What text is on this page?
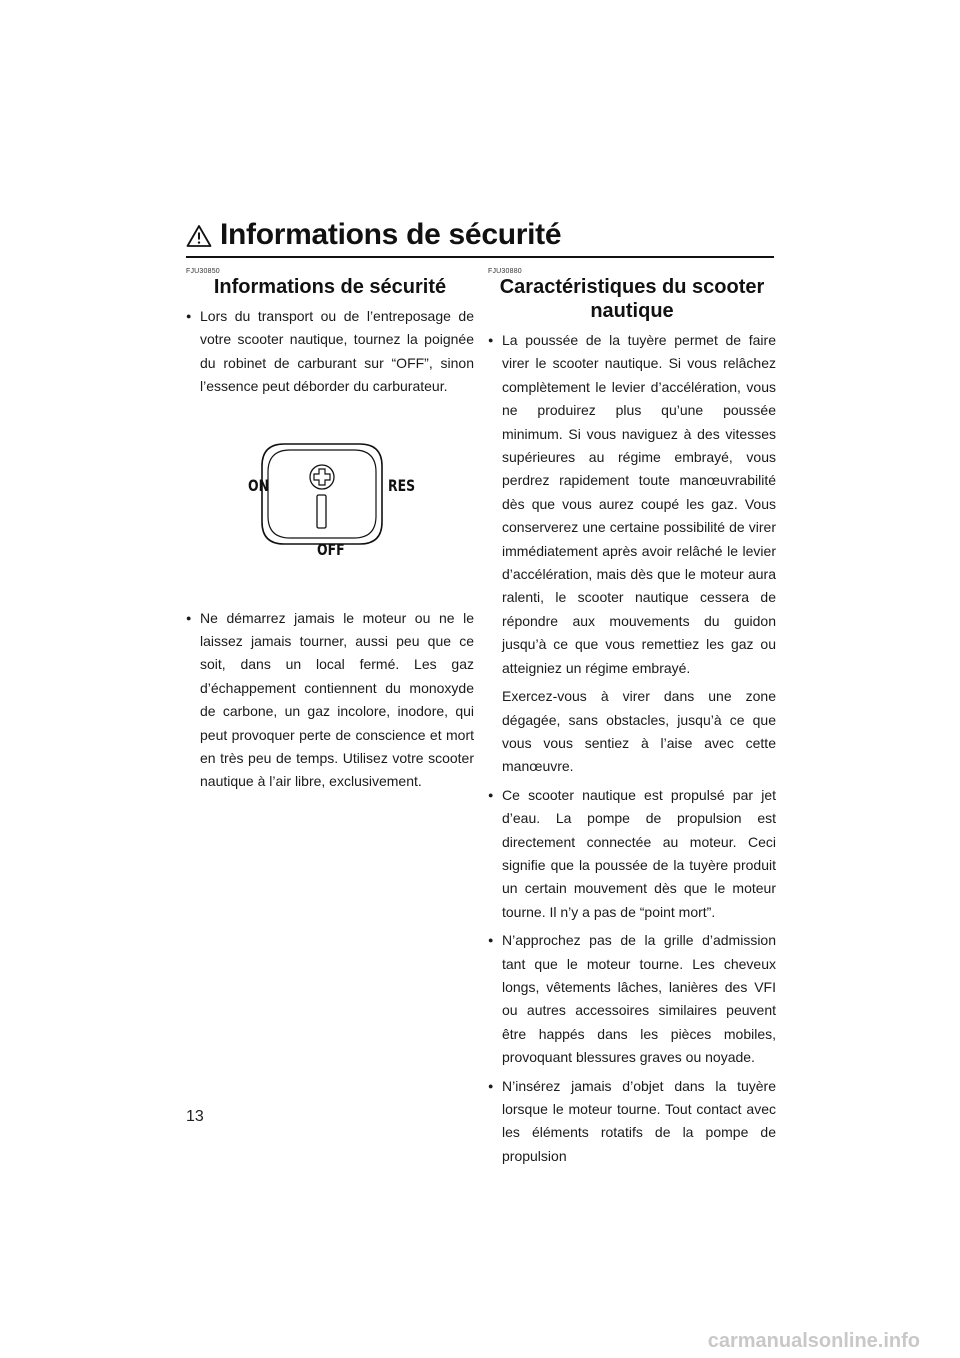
Informations de sécurité
FJU30850
Informations de sécurité
● Lors du transport ou de l’entreposage de votre scooter nautique, tournez la poignée du robinet de carburant sur “OFF”, sinon l’essence peut déborder du carburateur.
ON	RES
OFF
● Ne démarrez jamais le moteur ou ne le laissez jamais tourner, aussi peu que ce soit, dans un local fermé. Les gaz d’échappement contiennent du monoxyde de carbone, un gaz incolore, inodore, qui peut provoquer perte de conscience et mort en très peu de temps. Utilisez votre scooter nautique à l’air libre, exclusivement.
FJU30880
Caractéristiques du scooter nautique
● La poussée de la tuyère permet de faire virer le scooter nautique. Si vous relâchez complètement le levier d’accélération, vous ne produirez plus qu’une poussée minimum. Si vous naviguez à des vitesses supérieures au régime embrayé, vous perdrez rapidement toute manœuvrabilité dès que vous aurez coupé les gaz. Vous conserverez une certaine possibilité de virer immédiatement après avoir relâché le levier d’accélération, mais dès que le moteur aura ralenti, le scooter nautique cessera de répondre aux mouvements du guidon jusqu’à ce que vous remettiez les gaz ou atteigniez un régime embrayé.
Exercez-vous à virer dans une zone dégagée, sans obstacles, jusqu’à ce que vous vous sentiez à l’aise avec cette manœuvre.
● Ce scooter nautique est propulsé par jet d’eau. La pompe de propulsion est directement connectée au moteur. Ceci signifie que la poussée de la tuyère produit un certain mouvement dès que le moteur tourne. Il n’y a pas de “point mort”.
● N’approchez pas de la grille d’admission tant que le moteur tourne. Les cheveux longs, vêtements lâches, lanières des VFI ou autres accessoires similaires peuvent être happés dans les pièces mobiles, provoquant blessures graves ou noyade.
● N’insérez jamais d’objet dans la tuyère lorsque le moteur tourne. Tout contact avec les éléments rotatifs de la pompe de propulsion
13
carmanualsonline.info
